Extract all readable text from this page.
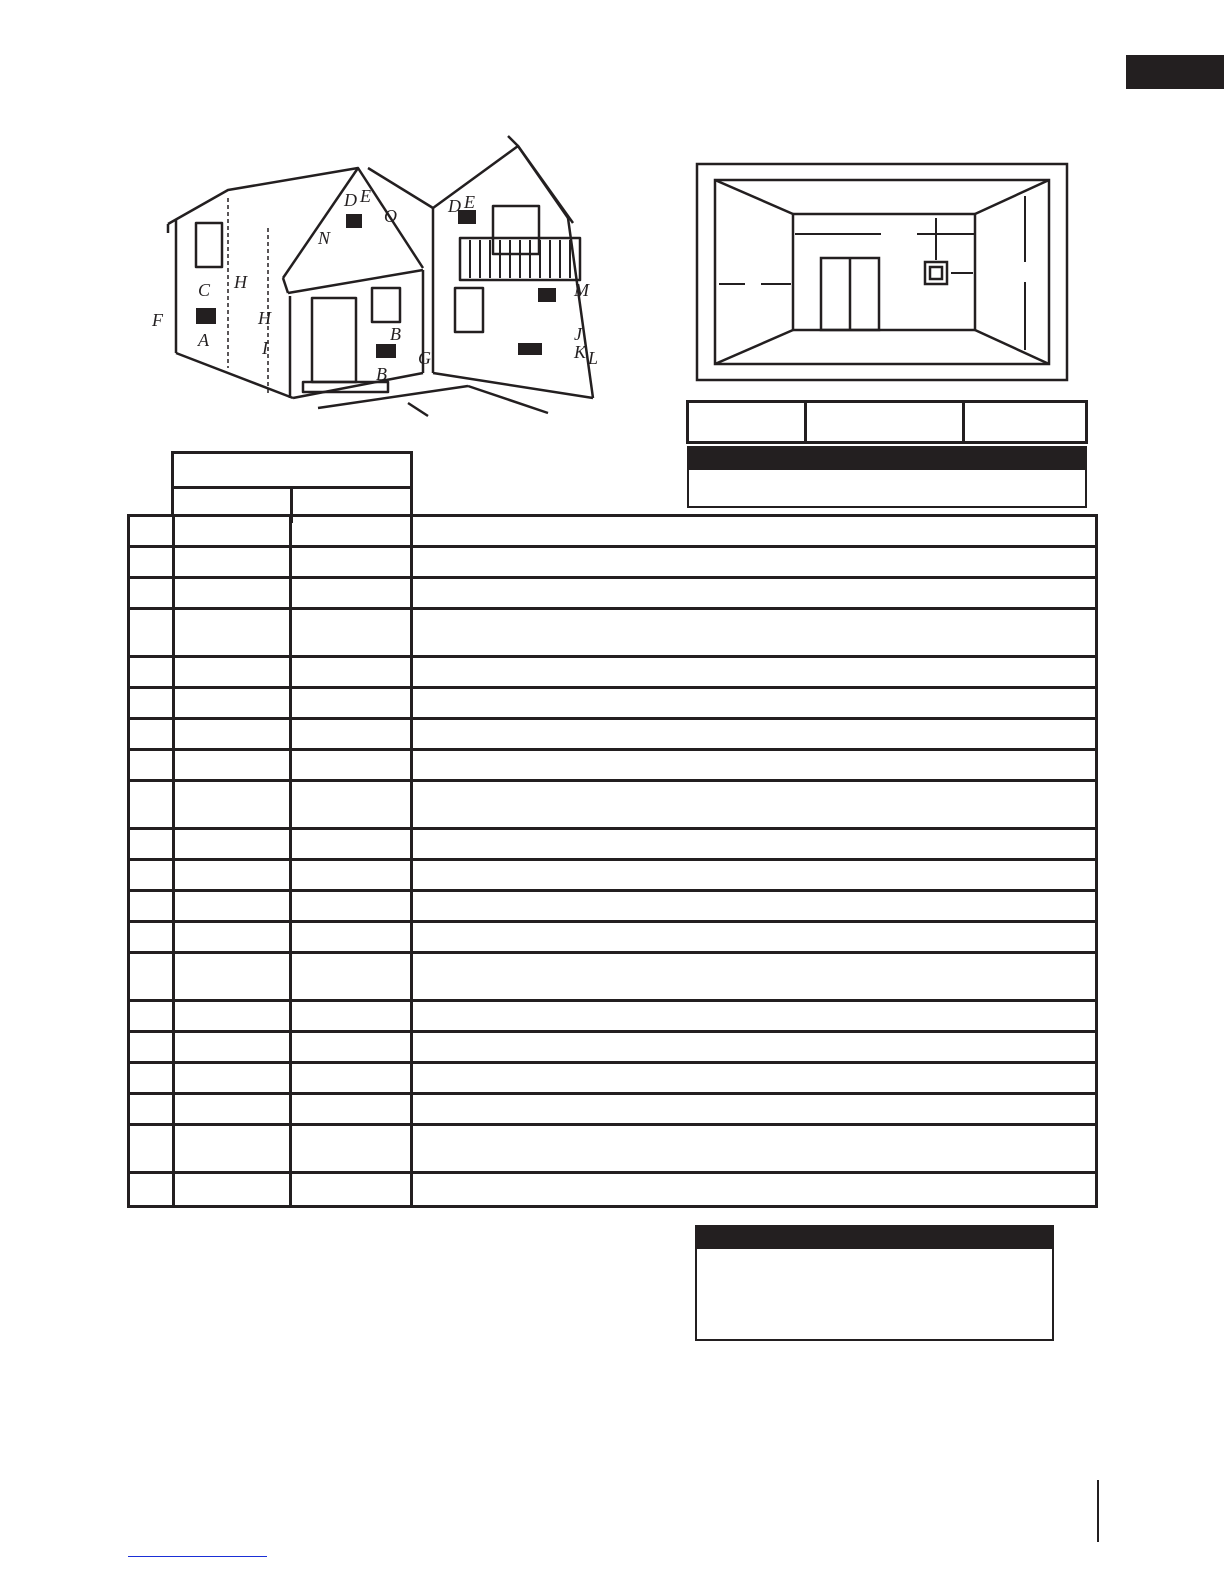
C
F
A
H
H
I
D E
O
N
D E
B
B
G
M
J
K L
